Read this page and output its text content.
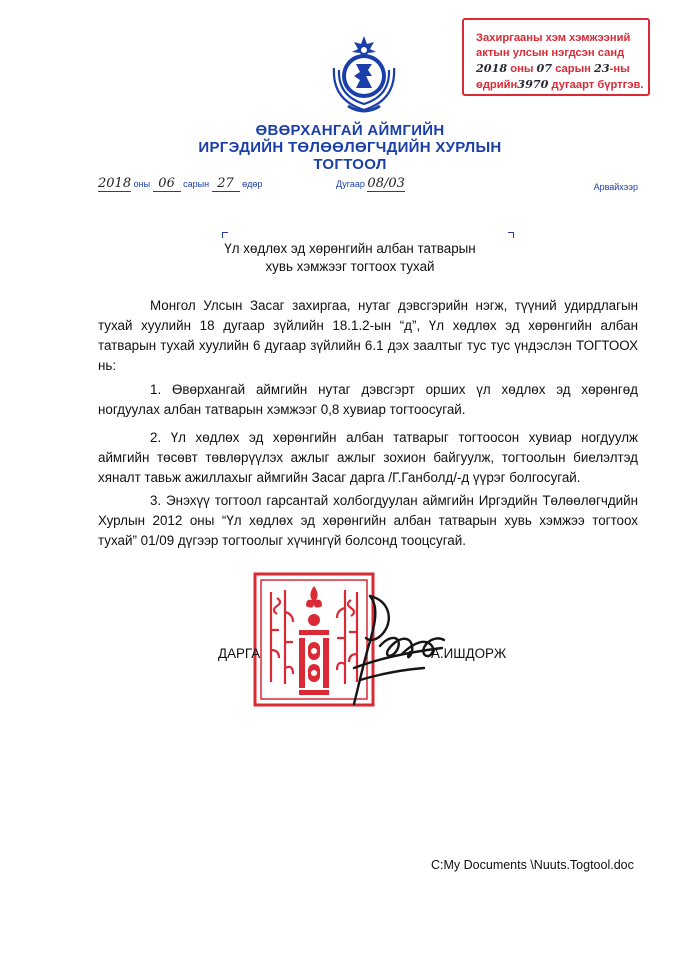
Захиргааны хэм хэмжээний
актын улсын нэгдсэн санд
2018 оны 07 сарын 23-ны
өдрийн3970 дугаарт бүртгэв.
ӨВӨРХАНГАЙ АЙМГИЙН
ИРГЭДИЙН ТӨЛӨӨЛӨГЧДИЙН ХУРЛЫН
ТОГТООЛ
2018 оны 06 сарын 27 өдөр	Дугаар 08/03	Арвайхээр
Үл хөдлөх эд хөрөнгийн албан татварын
хувь хэмжээг тогтоох тухай
Монгол Улсын Засаг захиргаа, нутаг дэвсгэрийн нэгж, түүний удирдлагын тухай хуулийн 18 дугаар зүйлийн 18.1.2-ын “д”, Үл хөдлөх эд хөрөнгийн албан татварын тухай хуулийн 6 дугаар зүйлийн 6.1 дэх заалтыг тус тус үндэслэн ТОГТООХ нь:
1. Өвөрхангай аймгийн нутаг дэвсгэрт орших үл хөдлөх эд хөрөнгөд ногдуулах албан татварын хэмжээг 0,8 хувиар тогтоосугай.
2. Үл хөдлөх эд хөрөнгийн албан татварыг тогтоосон хувиар ногдуулж аймгийн төсөвт төвлөрүүлэх ажлыг ажлыг зохион байгуулж, тогтоолын биелэлтэд хяналт тавьж ажиллахыг аймгийн Засаг дарга /Г.Ганболд/-д үүрэг болгосугай.
3. Энэхүү тогтоол гарсантай холбогдуулан аймгийн Иргэдийн Төлөөлөгчдийн Хурлын 2012 оны “Үл хөдлөх эд хөрөнгийн албан татварын хувь хэмжээ тогтоох тухай” 01/09 дүгээр тогтоолыг хүчингүй болсонд тооцсугай.
ДАРГА	А.ИШДОРЖ
C:My Documents \Nuuts.Togtool.doc
